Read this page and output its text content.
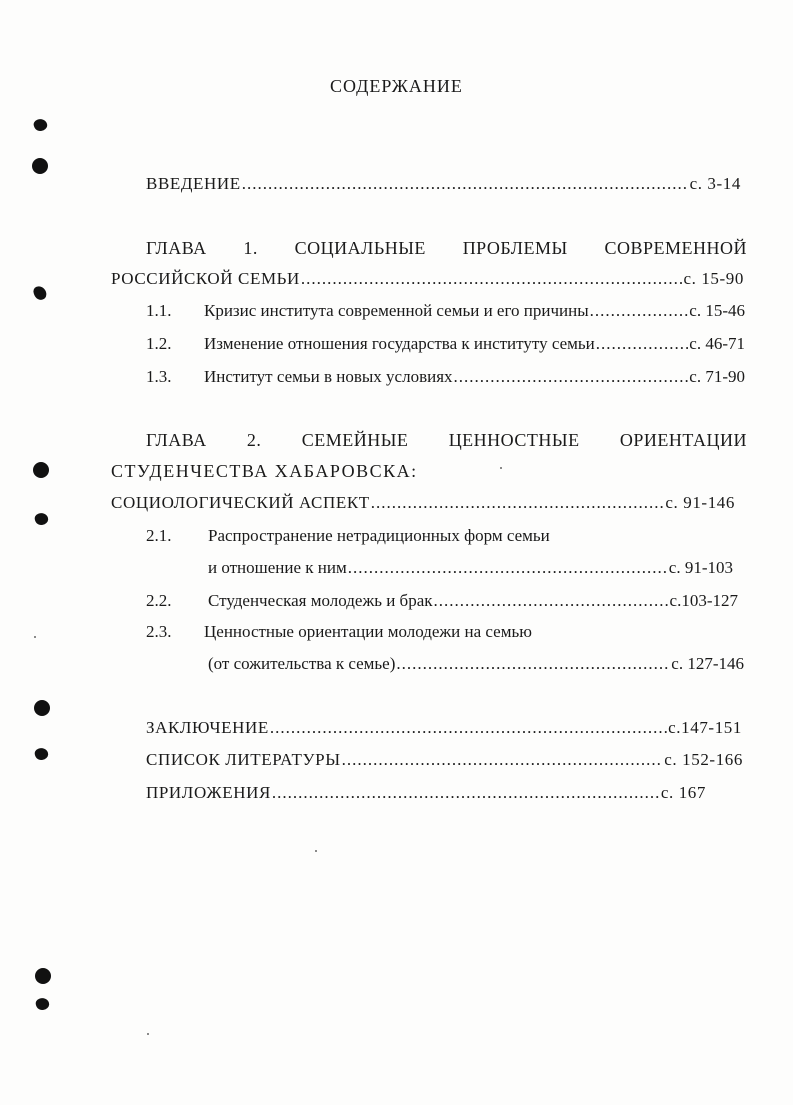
СОДЕРЖАНИЕ
ВВЕДЕНИЕ .....	с. 3-14
ГЛАВА 1. СОЦИАЛЬНЫЕ ПРОБЛЕМЫ СОВРЕМЕННОЙ
РОССИЙСКОЙ СЕМЬИ .....	с. 15-90
1.1.	Кризис института современной семьи и его причины .....	с. 15-46
1.2.	Изменение отношения государства к институту семьи .....	с. 46-71
1.3.	Институт семьи в новых условиях .....	с. 71-90
ГЛАВА 2. СЕМЕЙНЫЕ ЦЕННОСТНЫЕ ОРИЕНТАЦИИ
СТУДЕНЧЕСТВА ХАБАРОВСКА:
СОЦИОЛОГИЧЕСКИЙ АСПЕКТ .....	с. 91-146
2.1.	Распространение нетрадиционных форм семьи
и отношение к ним .....	с. 91-103
2.2.	Студенческая молодежь и брак .....	с.103-127
2.3.	Ценностные ориентации молодежи на семью
(от сожительства к семье) .....	с. 127-146
ЗАКЛЮЧЕНИЕ .....	с.147-151
СПИСОК ЛИТЕРАТУРЫ .....	с. 152-166
ПРИЛОЖЕНИЯ .....	с. 167
